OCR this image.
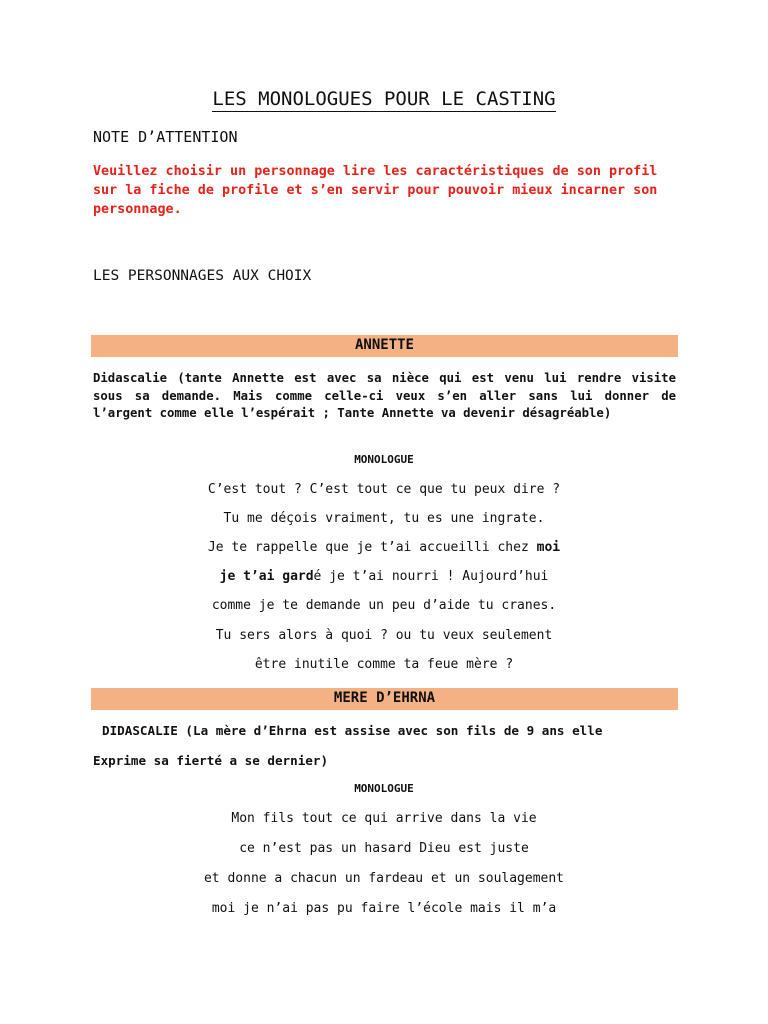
LES MONOLOGUES POUR LE CASTING
NOTE D’ATTENTION
Veuillez choisir un personnage lire les caractéristiques de son profil sur la fiche de profile et s’en servir pour pouvoir mieux incarner son personnage.
LES PERSONNAGES AUX CHOIX
ANNETTE
Didascalie (tante Annette est avec sa nièce qui est venu lui rendre visite sous sa demande. Mais comme celle-ci veux s’en aller sans lui donner de l’argent comme elle l’espérait ; Tante Annette va devenir désagréable)
MONOLOGUE
C’est tout ? C’est tout ce que tu peux dire ?
Tu me déçois vraiment, tu es une ingrate.
Je te rappelle que je t’ai accueilli chez moi
je t’ai gardé je t’ai nourri ! Aujourd’hui
comme je te demande un peu d’aide tu cranes.
Tu sers alors à quoi ? ou tu veux seulement
être inutile comme ta feue mère ?
MERE D’EHRNA
DIDASCALIE (La mère d’Ehrna est assise avec son fils de 9 ans elle
Exprime sa fierté a se dernier)
MONOLOGUE
Mon fils tout ce qui arrive dans la vie
ce n’est pas un hasard Dieu est juste
et donne a chacun un fardeau et un soulagement
moi je n’ai pas pu faire l’école mais il m’a
